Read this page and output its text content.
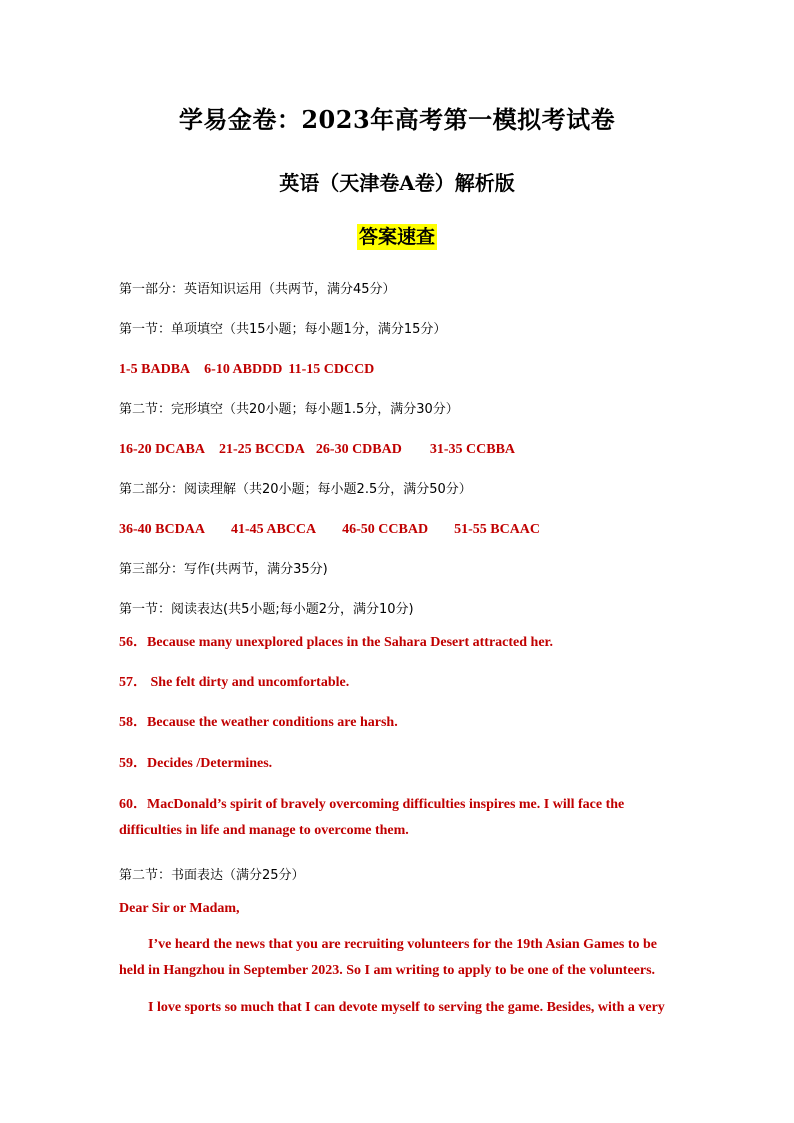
学易金卷：2023年高考第一模拟考试卷
英语（天津卷A卷）解析版
答案速查
第一部分：英语知识运用（共两节，满分45分）
第一节：单项填空（共15小题；每小题1分，满分15分）
1-5 BADBA 6-10 ABDDD 11-15 CDCCD
第二节：完形填空（共20小题；每小题1.5分，满分30分）
16-20 DCABA 21-25 BCCDA 26-30 CDBAD 31-35 CCBBA
第二部分：阅读理解（共20小题；每小题2.5分，满分50分）
36-40 BCDAA 41-45 ABCCA 46-50 CCBAD 51-55 BCAAC
第三部分：写作(共两节，满分35分)
第一节：阅读表达(共5小题;每小题2分，满分10分)
56．Because many unexplored places in the Sahara Desert attracted her.
57． She felt dirty and uncomfortable.
58．Because the weather conditions are harsh.
59．Decides /Determines.
60．MacDonald’s spirit of bravely overcoming difficulties inspires me. I will face the difficulties in life and manage to overcome them.
第二节：书面表达（满分25分）
Dear Sir or Madam,
I’ve heard the news that you are recruiting volunteers for the 19th Asian Games to be held in Hangzhou in September 2023. So I am writing to apply to be one of the volunteers.
I love sports so much that I can devote myself to serving the game. Besides, with a very
